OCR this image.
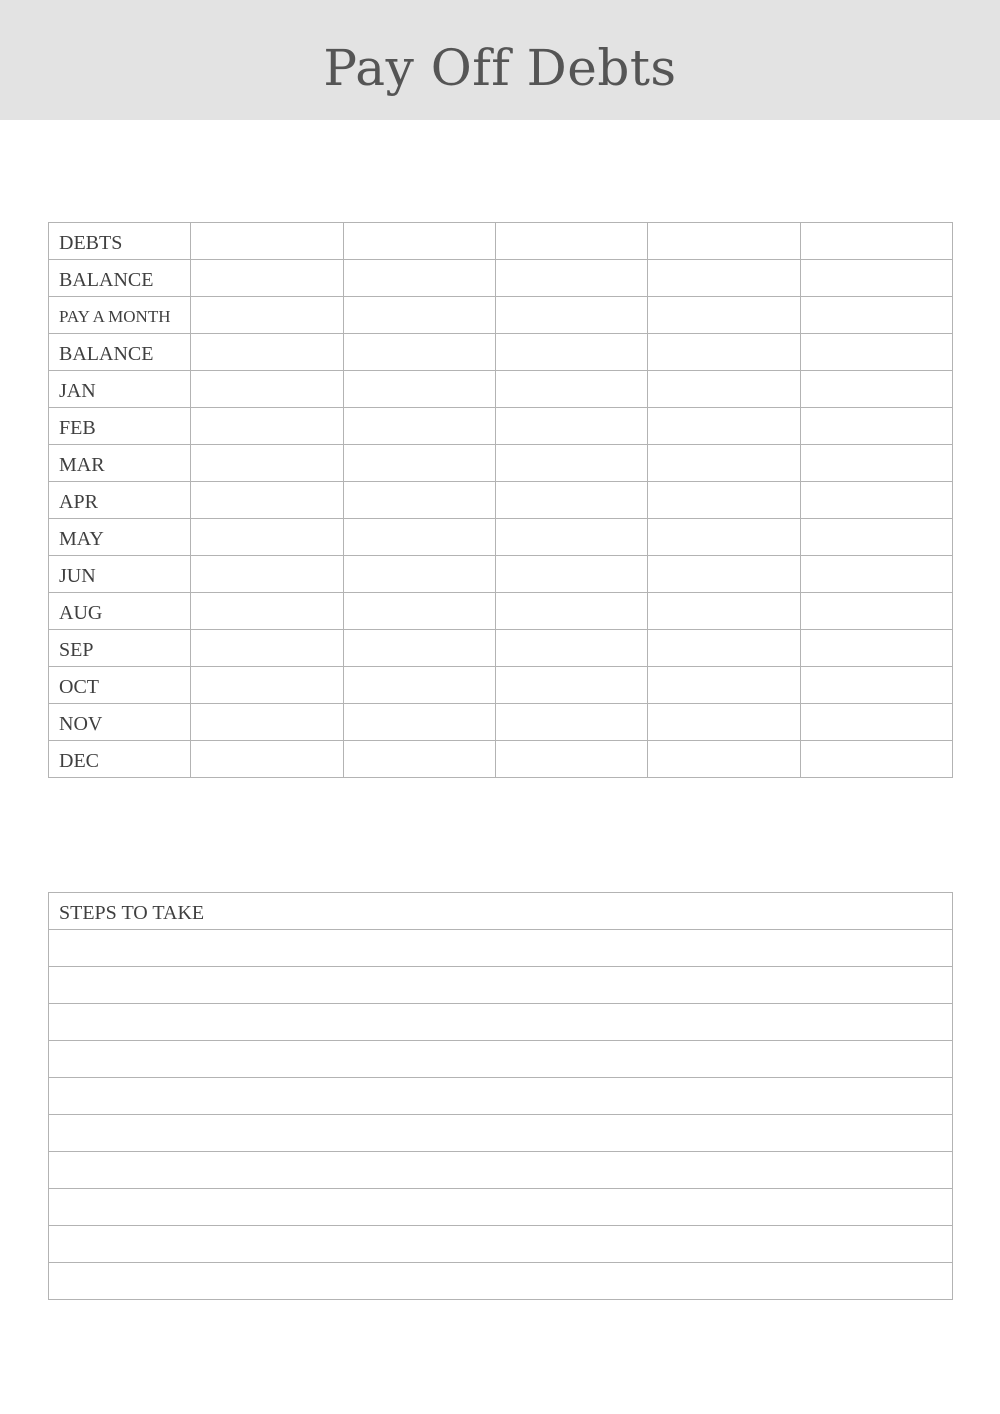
Pay Off Debts
DEBTS					
BALANCE					
PAY A MONTH					
BALANCE					
JAN					
FEB					
MAR					
APR					
MAY					
JUN					
AUG					
SEP					
OCT					
NOV					
DEC					
STEPS TO TAKE
